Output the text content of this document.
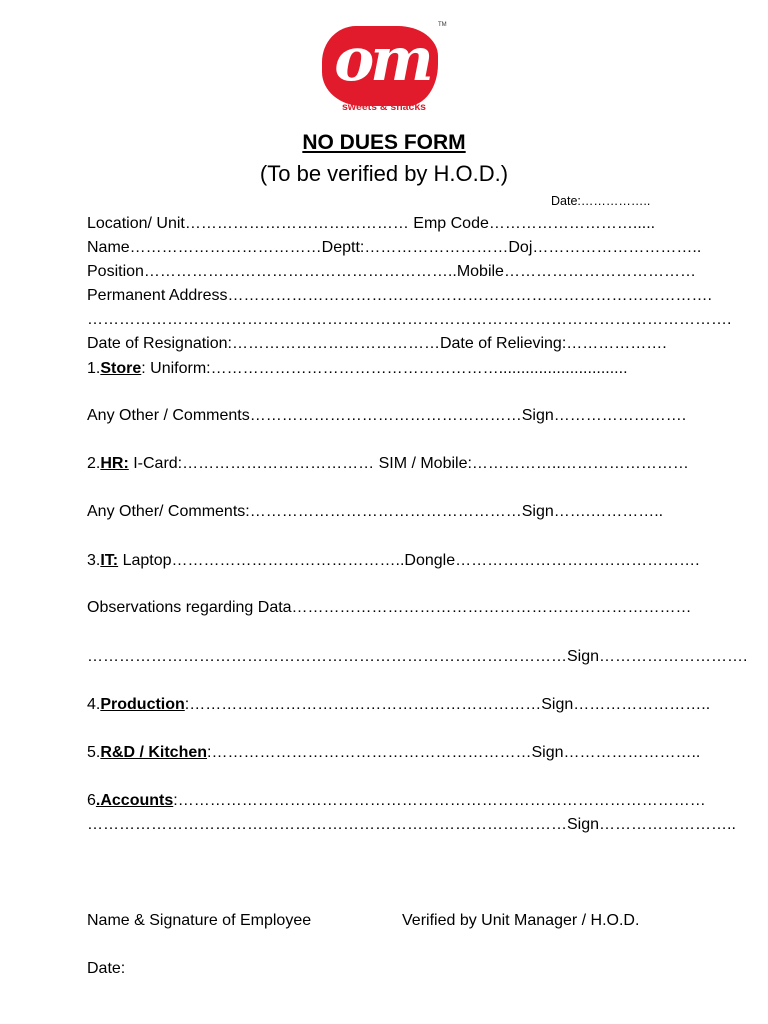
om	TM
sweets & snacks
NO DUES FORM
(To be verified by H.O.D.)
Date:……………..
Location/ Unit…………………………………… Emp Code……………………….....
Name………………………………Deptt:………………………Doj…………………………..
Position…………………………………………………..Mobile………………………………
Permanent Address……………………………………………………………………………….
………………………………………………………………………………………………………….
Date of Resignation:…………………………………Date of Relieving:……………….
1.Store: Uniform:……………………………………………….............................
Any Other / Comments……………………………………………Sign…………………….
2.HR: I-Card:……………………………… SIM / Mobile:……………..……………………
Any Other/ Comments:……………………………………………Sign…….…………..
3.IT: Laptop……………………………………..Dongle……………………………………….
Observations regarding Data…………………………………………………………………
………………………………………………………………………………Sign……………………….
4.Production:…………………………………………………………Sign……………………..
5.R&D / Kitchen:……………………………………………………Sign……………………..
6.Accounts:………………………………………………………………………………………
………………………………………………………………………………Sign……………………..
Name & Signature of Employee	Verified by Unit Manager / H.O.D.
Date:
